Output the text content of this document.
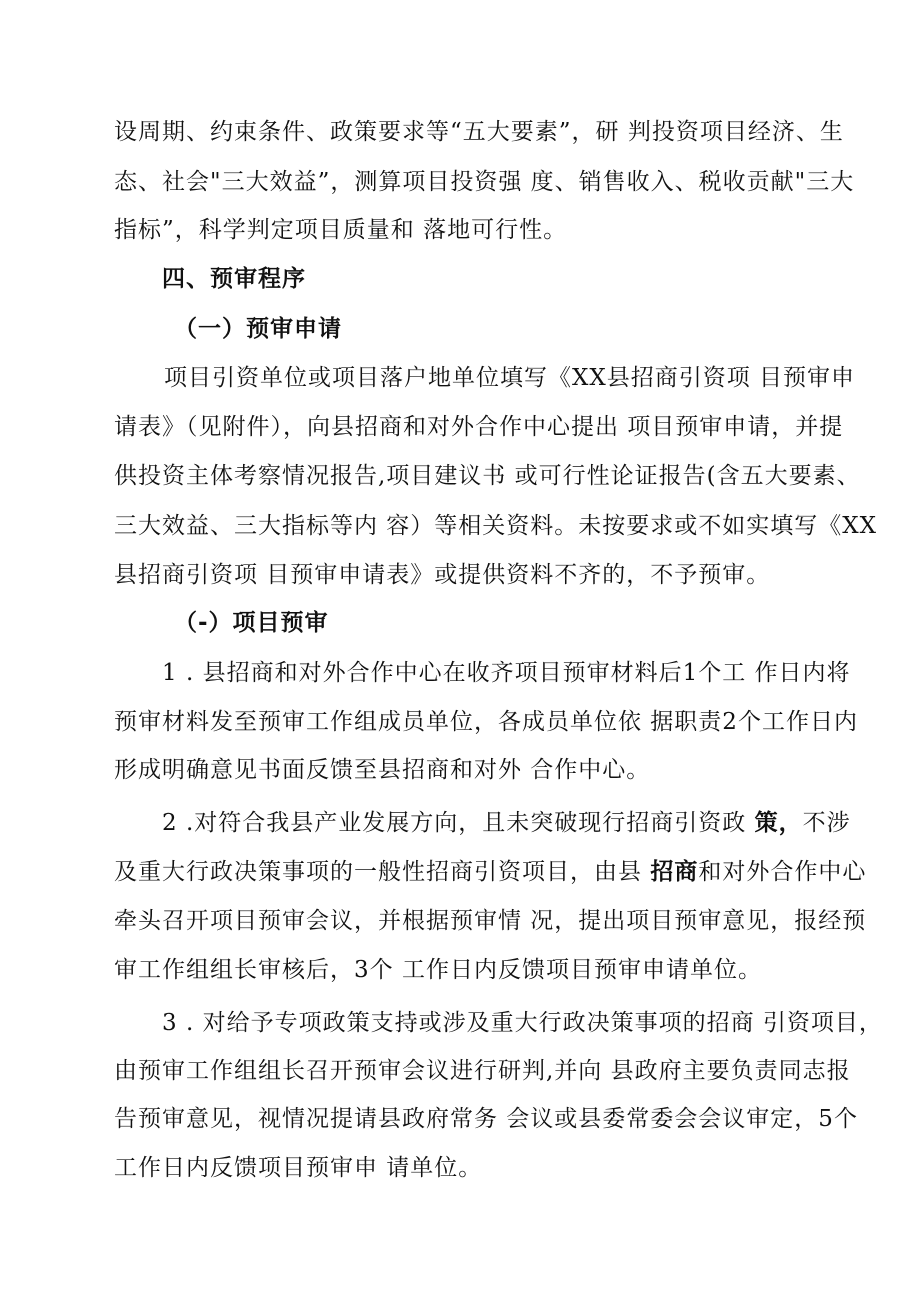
设周期、约束条件、政策要求等“五大要素”，研 判投资项目经济、生
态、社会"三大效益”，测算项目投资强 度、销售收入、税收贡献"三大
指标”，科学判定项目质量和 落地可行性。
四、预审程序
（一）预审申请
项目引资单位或项目落户地单位填写《XX县招商引资项 目预审申
请表》（见附件），向县招商和对外合作中心提出 项目预审申请，并提
供投资主体考察情况报告,项目建议书 或可行性论证报告(含五大要素、
三大效益、三大指标等内 容）等相关资料。未按要求或不如实填写《XX
县招商引资项 目预审申请表》或提供资料不齐的，不予预审。
（-）项目预审
1 . 县招商和对外合作中心在收齐项目预审材料后1个工 作日内将
预审材料发至预审工作组成员单位，各成员单位依 据职责2个工作日内
形成明确意见书面反馈至县招商和对外 合作中心。
2 .对符合我县产业发展方向，且未突破现行招商引资政 策，不涉
及重大行政决策事项的一般性招商引资项目，由县 招商和对外合作中心
牵头召开项目预审会议，并根据预审情 况，提出项目预审意见，报经预
审工作组组长审核后，3个 工作日内反馈项目预审申请单位。
3 . 对给予专项政策支持或涉及重大行政决策事项的招商 引资项目，
由预审工作组组长召开预审会议进行研判,并向 县政府主要负责同志报
告预审意见，视情况提请县政府常务 会议或县委常委会会议审定，5个
工作日内反馈项目预审申 请单位。
